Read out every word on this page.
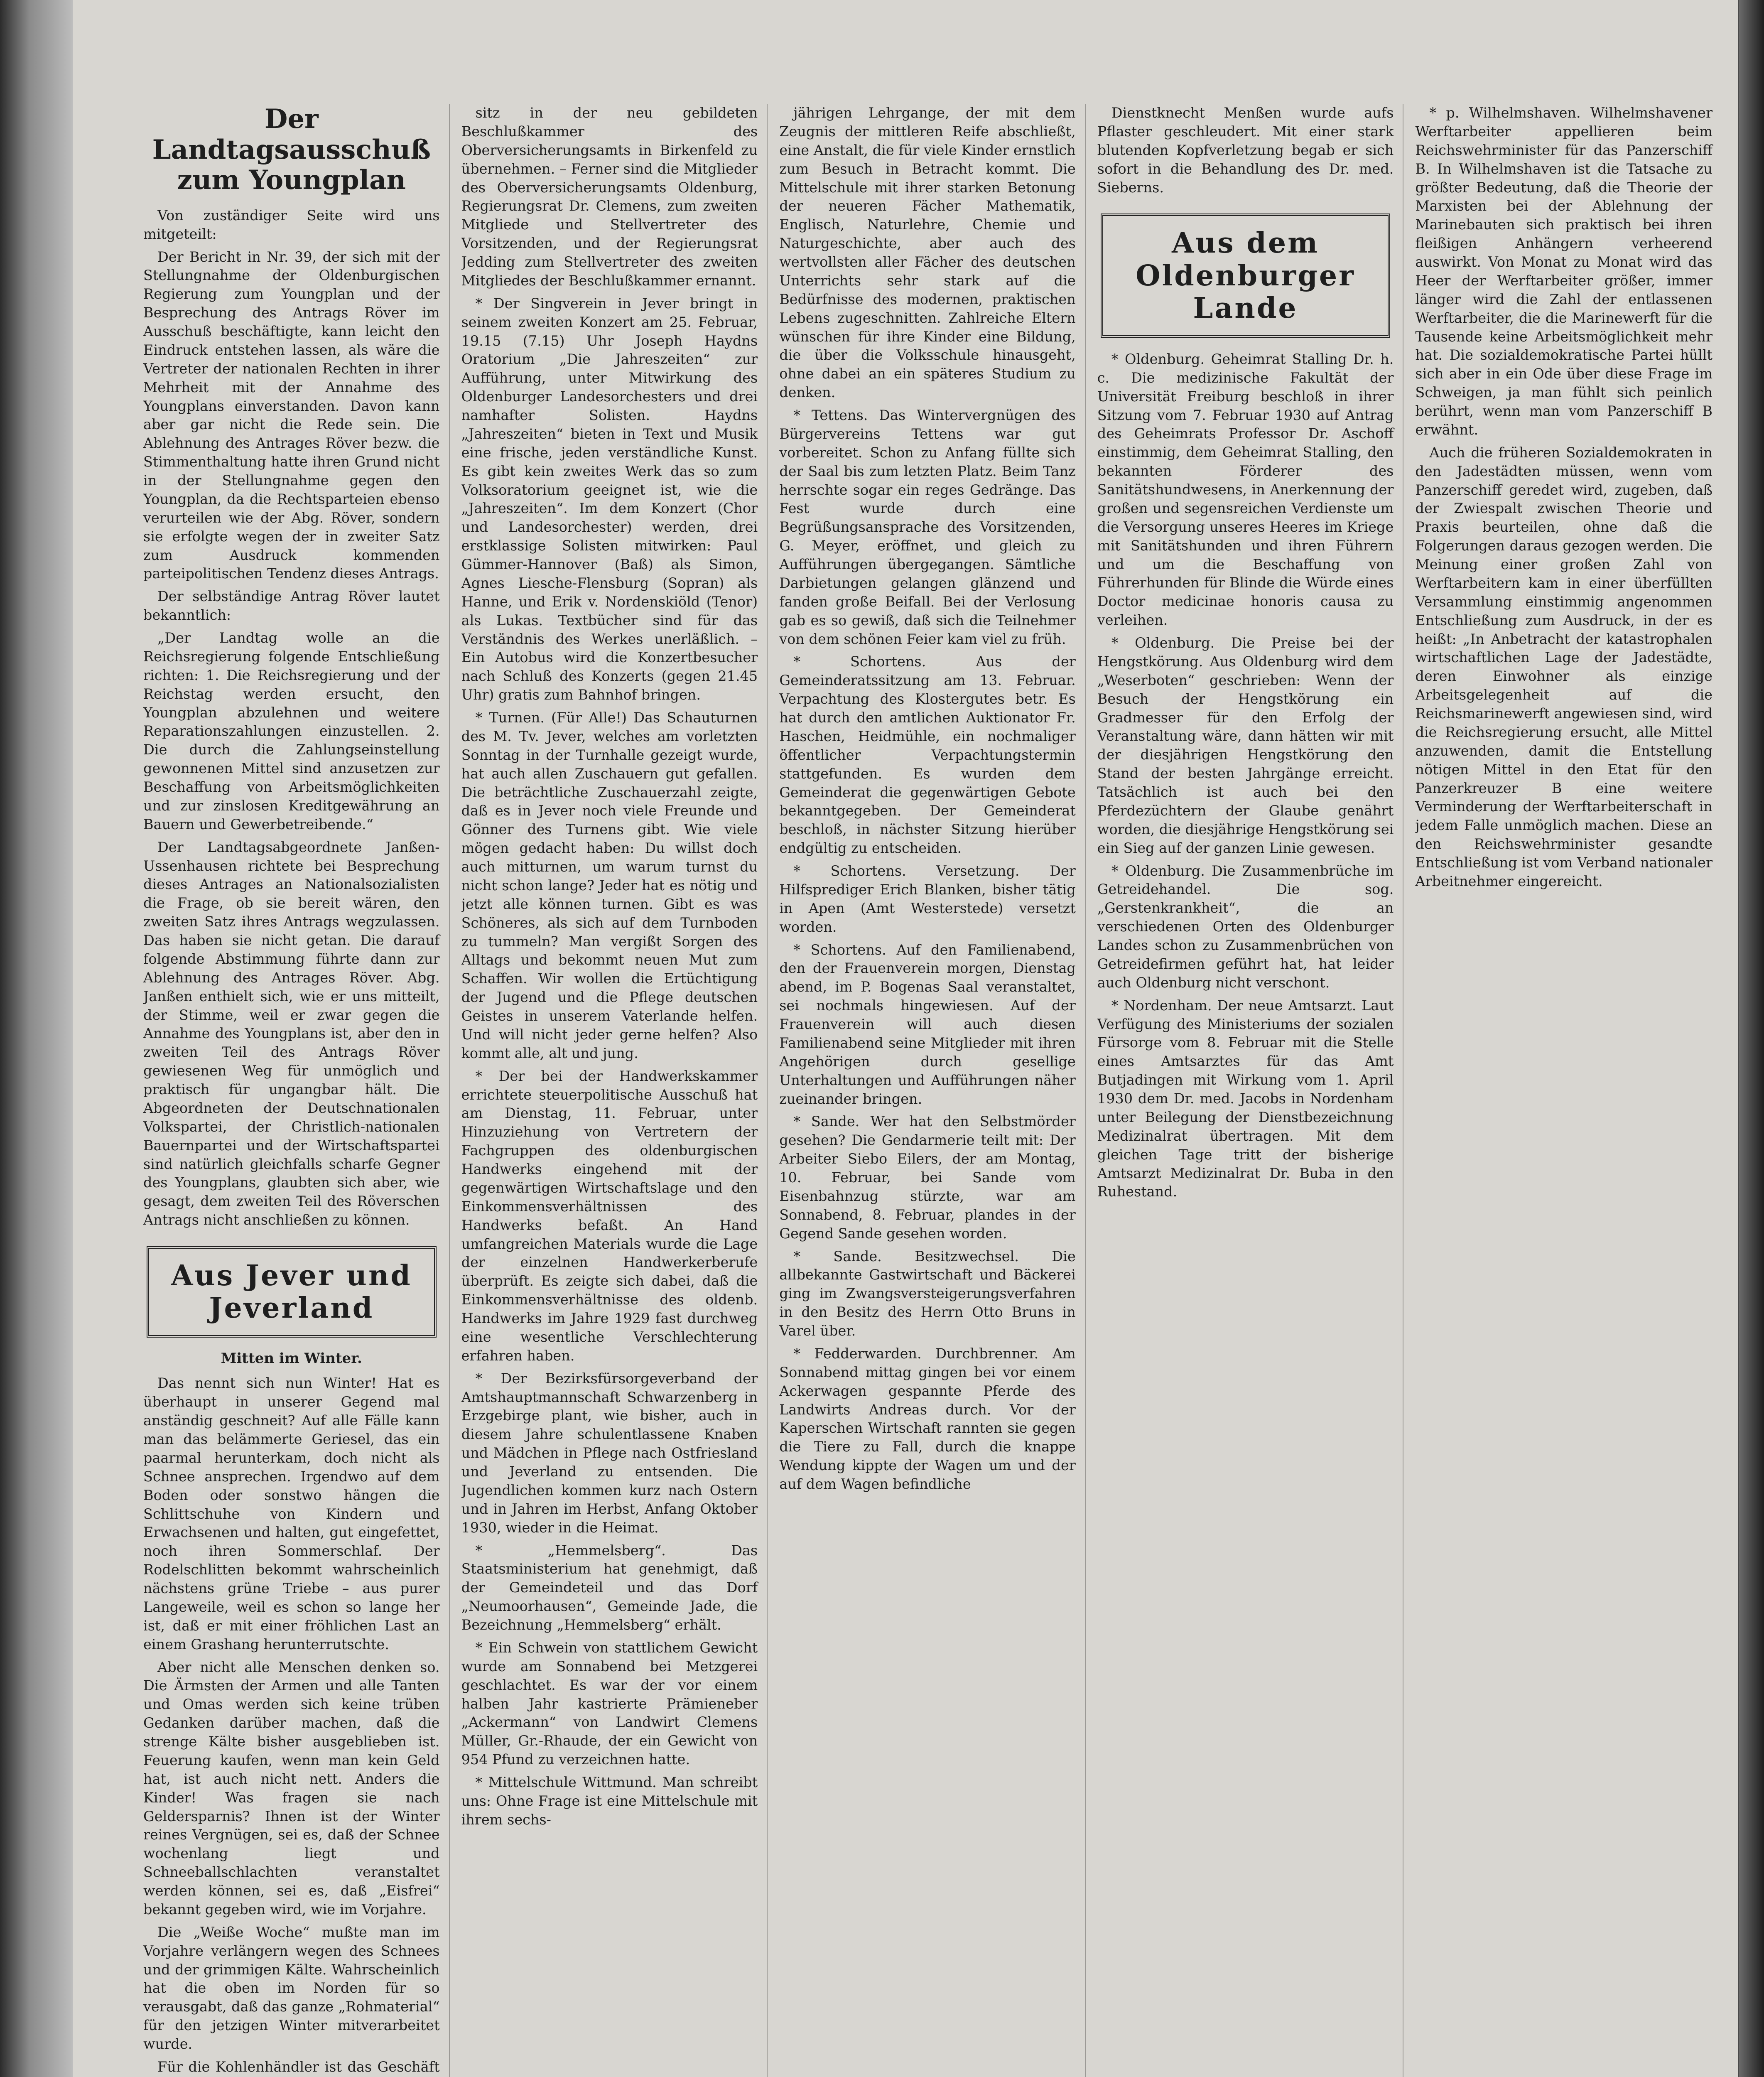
Der Landtagsausschuß zum Youngplan

Von zuständiger Seite wird uns mitgeteilt:

Der Bericht in Nr. 39, der sich mit der Stellungnahme der Oldenburgischen Regierung zum Youngplan und der Besprechung des Antrags Röver im Ausschuß beschäftigte, kann leicht den Eindruck entstehen lassen, als wäre die Vertreter der nationalen Rechten in ihrer Mehrheit mit der Annahme des Youngplans einverstanden. Davon kann aber gar nicht die Rede sein. Die Ablehnung des Antrages Röver bezw. die Stimmenthaltung hatte ihren Grund nicht in der Stellungnahme gegen den Youngplan, da die Rechtsparteien ebenso verurteilen wie der Abg. Röver, sondern sie erfolgte wegen der in zweiter Satz zum Ausdruck kommenden parteipolitischen Tendenz dieses Antrags.

Der selbständige Antrag Röver lautet bekanntlich:

„Der Landtag wolle an die Reichsregierung folgende Entschließung richten: 1. Die Reichsregierung und der Reichstag werden ersucht, den Youngplan abzulehnen und weitere Reparationszahlungen einzustellen. 2. Die durch die Zahlungseinstellung gewonnenen Mittel sind anzusetzen zur Beschaffung von Arbeitsmöglichkeiten und zur zinslosen Kreditgewährung an Bauern und Gewerbetreibende.“

Der Landtagsabgeordnete Janßen-Ussenhausen richtete bei Besprechung dieses Antrages an Nationalsozialisten die Frage, ob sie bereit wären, den zweiten Satz ihres Antrags wegzulassen. Das haben sie nicht getan. Die darauf folgende Abstimmung führte dann zur Ablehnung des Antrages Röver. Abg. Janßen enthielt sich, wie er uns mitteilt, der Stimme, weil er zwar gegen die Annahme des Youngplans ist, aber den in zweiten Teil des Antrags Röver gewiesenen Weg für unmöglich und praktisch für ungangbar hält. Die Abgeordneten der Deutschnationalen Volkspartei, der Christlich-nationalen Bauernpartei und der Wirtschaftspartei sind natürlich gleichfalls scharfe Gegner des Youngplans, glaubten sich aber, wie gesagt, dem zweiten Teil des Röverschen Antrags nicht anschließen zu können.

Aus Jever und Jeverland
Mitten im Winter.

Das nennt sich nun Winter! Hat es überhaupt in unserer Gegend mal anständig geschneit? Auf alle Fälle kann man das belämmerte Geriesel, das ein paarmal herunterkam, doch nicht als Schnee ansprechen. Irgendwo auf dem Boden oder sonstwo hängen die Schlittschuhe von Kindern und Erwachsenen und halten, gut eingefettet, noch ihren Sommerschlaf. Der Rodelschlitten bekommt wahrscheinlich nächstens grüne Triebe – aus purer Langeweile, weil es schon so lange her ist, daß er mit einer fröhlichen Last an einem Grashang herunterrutschte.

Aber nicht alle Menschen denken so. Die Ärmsten der Armen und alle Tanten und Omas werden sich keine trüben Gedanken darüber machen, daß die strenge Kälte bisher ausgeblieben ist. Feuerung kaufen, wenn man kein Geld hat, ist auch nicht nett. Anders die Kinder! Was fragen sie nach Geldersparnis? Ihnen ist der Winter reines Vergnügen, sei es, daß der Schnee wochenlang liegt und Schneeballschlachten veranstaltet werden können, sei es, daß „Eisfrei“ bekannt gegeben wird, wie im Vorjahre.

Die „Weiße Woche“ mußte man im Vorjahre verlängern wegen des Schnees und der grimmigen Kälte. Wahrscheinlich hat die oben im Norden für so verausgabt, daß das ganze „Rohmaterial“ für den jetzigen Winter mitverarbeitet wurde.

Für die Kohlenhändler ist das Geschäft

sitz in der neu gebildeten Beschlußkammer des Oberversicherungsamts in Birkenfeld zu übernehmen. – Ferner sind die Mitglieder des Oberversicherungsamts Oldenburg, Regierungsrat Dr. Clemens, zum zweiten Mitgliede und Stellvertreter des Vorsitzenden, und der Regierungsrat Jedding zum Stellvertreter des zweiten Mitgliedes der Beschlußkammer ernannt.

* Der Singverein in Jever bringt in seinem zweiten Konzert am 25. Februar, 19.15 (7.15) Uhr Joseph Haydns Oratorium „Die Jahreszeiten“ zur Aufführung, unter Mitwirkung des Oldenburger Landesorchesters und drei namhafter Solisten. Haydns „Jahreszeiten“ bieten in Text und Musik eine frische, jeden verständliche Kunst. Es gibt kein zweites Werk das so zum Volksoratorium geeignet ist, wie die „Jahreszeiten“. Im dem Konzert (Chor und Landesorchester) werden, drei erstklassige Solisten mitwirken: Paul Gümmer-Hannover (Baß) als Simon, Agnes Liesche-Flensburg (Sopran) als Hanne, und Erik v. Nordenskiöld (Tenor) als Lukas. Textbücher sind für das Verständnis des Werkes unerläßlich. – Ein Autobus wird die Konzertbesucher nach Schluß des Konzerts (gegen 21.45 Uhr) gratis zum Bahnhof bringen.

* Turnen. (Für Alle!) Das Schauturnen des M. Tv. Jever, welches am vorletzten Sonntag in der Turnhalle gezeigt wurde, hat auch allen Zuschauern gut gefallen. Die beträchtliche Zuschauerzahl zeigte, daß es in Jever noch viele Freunde und Gönner des Turnens gibt. Wie viele mögen gedacht haben: Du willst doch auch mitturnen, um warum turnst du nicht schon lange? Jeder hat es nötig und jetzt alle können turnen. Gibt es was Schöneres, als sich auf dem Turnboden zu tummeln? Man vergißt Sorgen des Alltags und bekommt neuen Mut zum Schaffen. Wir wollen die Ertüchtigung der Jugend und die Pflege deutschen Geistes in unserem Vaterlande helfen. Und will nicht jeder gerne helfen? Also kommt alle, alt und jung.

* Der bei der Handwerkskammer errichtete steuerpolitische Ausschuß hat am Dienstag, 11. Februar, unter Hinzuziehung von Vertretern der Fachgruppen des oldenburgischen Handwerks eingehend mit der gegenwärtigen Wirtschaftslage und den Einkommensverhältnissen des Handwerks befaßt. An Hand umfangreichen Materials wurde die Lage der einzelnen Handwerkerberufe überprüft. Es zeigte sich dabei, daß die Einkommensverhältnisse des oldenb. Handwerks im Jahre 1929 fast durchweg eine wesentliche Verschlechterung erfahren haben.

* Der Bezirksfürsorgeverband der Amtshauptmannschaft Schwarzenberg in Erzgebirge plant, wie bisher, auch in diesem Jahre schulentlassene Knaben und Mädchen in Pflege nach Ostfriesland und Jeverland zu entsenden. Die Jugendlichen kommen kurz nach Ostern und in Jahren im Herbst, Anfang Oktober 1930, wieder in die Heimat.

* „Hemmelsberg“. Das Staatsministerium hat genehmigt, daß der Gemeindeteil und das Dorf „Neumoorhausen“, Gemeinde Jade, die Bezeichnung „Hemmelsberg“ erhält.

* Ein Schwein von stattlichem Gewicht wurde am Sonnabend bei Metzgerei geschlachtet. Es war der vor einem halben Jahr kastrierte Prämieneber „Ackermann“ von Landwirt Clemens Müller, Gr.-Rhaude, der ein Gewicht von 954 Pfund zu verzeichnen hatte.

* Mittelschule Wittmund. Man schreibt uns: Ohne Frage ist eine Mittelschule mit ihrem sechs-

jährigen Lehrgange, der mit dem Zeugnis der mittleren Reife abschließt, eine Anstalt, die für viele Kinder ernstlich zum Besuch in Betracht kommt. Die Mittelschule mit ihrer starken Betonung der neueren Fächer Mathematik, Englisch, Naturlehre, Chemie und Naturgeschichte, aber auch des wertvollsten aller Fächer des deutschen Unterrichts sehr stark auf die Bedürfnisse des modernen, praktischen Lebens zugeschnitten. Zahlreiche Eltern wünschen für ihre Kinder eine Bildung, die über die Volksschule hinausgeht, ohne dabei an ein späteres Studium zu denken.

* Tettens. Das Wintervergnügen des Bürgervereins Tettens war gut vorbereitet. Schon zu Anfang füllte sich der Saal bis zum letzten Platz. Beim Tanz herrschte sogar ein reges Gedränge. Das Fest wurde durch eine Begrüßungsansprache des Vorsitzenden, G. Meyer, eröffnet, und gleich zu Aufführungen übergegangen. Sämtliche Darbietungen gelangen glänzend und fanden große Beifall. Bei der Verlosung gab es so gewiß, daß sich die Teilnehmer von dem schönen Feier kam viel zu früh.

* Schortens. Aus der Gemeinderatssitzung am 13. Februar. Verpachtung des Klostergutes betr. Es hat durch den amtlichen Auktionator Fr. Haschen, Heidmühle, ein nochmaliger öffentlicher Verpachtungstermin stattgefunden. Es wurden dem Gemeinderat die gegenwärtigen Gebote bekanntgegeben. Der Gemeinderat beschloß, in nächster Sitzung hierüber endgültig zu entscheiden.

* Schortens. Versetzung. Der Hilfsprediger Erich Blanken, bisher tätig in Apen (Amt Westerstede) versetzt worden.

* Schortens. Auf den Familienabend, den der Frauenverein morgen, Dienstag abend, im P. Bogenas Saal veranstaltet, sei nochmals hingewiesen. Auf der Frauenverein will auch diesen Familienabend seine Mitglieder mit ihren Angehörigen durch gesellige Unterhaltungen und Aufführungen näher zueinander bringen.

* Sande. Wer hat den Selbstmörder gesehen? Die Gendarmerie teilt mit: Der Arbeiter Siebo Eilers, der am Montag, 10. Februar, bei Sande vom Eisenbahnzug stürzte, war am Sonnabend, 8. Februar, plandes in der Gegend Sande gesehen worden.

* Sande. Besitzwechsel. Die allbekannte Gastwirtschaft und Bäckerei ging im Zwangsversteigerungsverfahren in den Besitz des Herrn Otto Bruns in Varel über.

* Fedderwarden. Durchbrenner. Am Sonnabend mittag gingen bei vor einem Ackerwagen gespannte Pferde des Landwirts Andreas durch. Vor der Kaperschen Wirtschaft rannten sie gegen die Tiere zu Fall, durch die knappe Wendung kippte der Wagen um und der auf dem Wagen befindliche

Dienstknecht Menßen wurde aufs Pflaster geschleudert. Mit einer stark blutenden Kopfverletzung begab er sich sofort in die Behandlung des Dr. med. Sieberns.

Aus dem Oldenburger Lande

* Oldenburg. Geheimrat Stalling Dr. h. c. Die medizinische Fakultät der Universität Freiburg beschloß in ihrer Sitzung vom 7. Februar 1930 auf Antrag des Geheimrats Professor Dr. Aschoff einstimmig, dem Geheimrat Stalling, den bekannten Förderer des Sanitätshundwesens, in Anerkennung der großen und segensreichen Verdienste um die Versorgung unseres Heeres im Kriege mit Sanitätshunden und ihren Führern und um die Beschaffung von Führerhunden für Blinde die Würde eines Doctor medicinae honoris causa zu verleihen.

* Oldenburg. Die Preise bei der Hengstkörung. Aus Oldenburg wird dem „Weserboten“ geschrieben: Wenn der Besuch der Hengstkörung ein Gradmesser für den Erfolg der Veranstaltung wäre, dann hätten wir mit der diesjährigen Hengstkörung den Stand der besten Jahrgänge erreicht. Tatsächlich ist auch bei den Pferdezüchtern der Glaube genährt worden, die diesjährige Hengstkörung sei ein Sieg auf der ganzen Linie gewesen.

* Oldenburg. Die Zusammenbrüche im Getreidehandel. Die sog. „Gerstenkrankheit“, die an verschiedenen Orten des Oldenburger Landes schon zu Zusammenbrüchen von Getreidefirmen geführt hat, hat leider auch Oldenburg nicht verschont.

* Nordenham. Der neue Amtsarzt. Laut Verfügung des Ministeriums der sozialen Fürsorge vom 8. Februar mit die Stelle eines Amtsarztes für das Amt Butjadingen mit Wirkung vom 1. April 1930 dem Dr. med. Jacobs in Nordenham unter Beilegung der Dienstbezeichnung Medizinalrat übertragen. Mit dem gleichen Tage tritt der bisherige Amtsarzt Medizinalrat Dr. Buba in den Ruhestand.

* p. Wilhelmshaven. Wilhelmshavener Werftarbeiter appellieren beim Reichswehrminister für das Panzerschiff B. In Wilhelmshaven ist die Tatsache zu größter Bedeutung, daß die Theorie der Marxisten bei der Ablehnung der Marinebauten sich praktisch bei ihren fleißigen Anhängern verheerend auswirkt. Von Monat zu Monat wird das Heer der Werftarbeiter größer, immer länger wird die Zahl der entlassenen Werftarbeiter, die die Marinewerft für die Tausende keine Arbeitsmöglichkeit mehr hat. Die sozialdemokratische Partei hüllt sich aber in ein Ode über diese Frage im Schweigen, ja man fühlt sich peinlich berührt, wenn man vom Panzerschiff B erwähnt.

Auch die früheren Sozialdemokraten in den Jadestädten müssen, wenn vom Panzerschiff geredet wird, zugeben, daß der Zwiespalt zwischen Theorie und Praxis beurteilen, ohne daß die Folgerungen daraus gezogen werden. Die Meinung einer großen Zahl von Werftarbeitern kam in einer überfüllten Versammlung einstimmig angenommen Entschließung zum Ausdruck, in der es heißt: „In Anbetracht der katastrophalen wirtschaftlichen Lage der Jadestädte, deren Einwohner als einzige Arbeitsgelegenheit auf die Reichsmarinewerft angewiesen sind, wird die Reichsregierung ersucht, alle Mittel anzuwenden, damit die Entstellung nötigen Mittel in den Etat für den Panzerkreuzer B eine weitere Verminderung der Werftarbeiterschaft in jedem Falle unmöglich machen. Diese an den Reichswehrminister gesandte Entschließung ist vom Verband nationaler Arbeitnehmer eingereicht.
